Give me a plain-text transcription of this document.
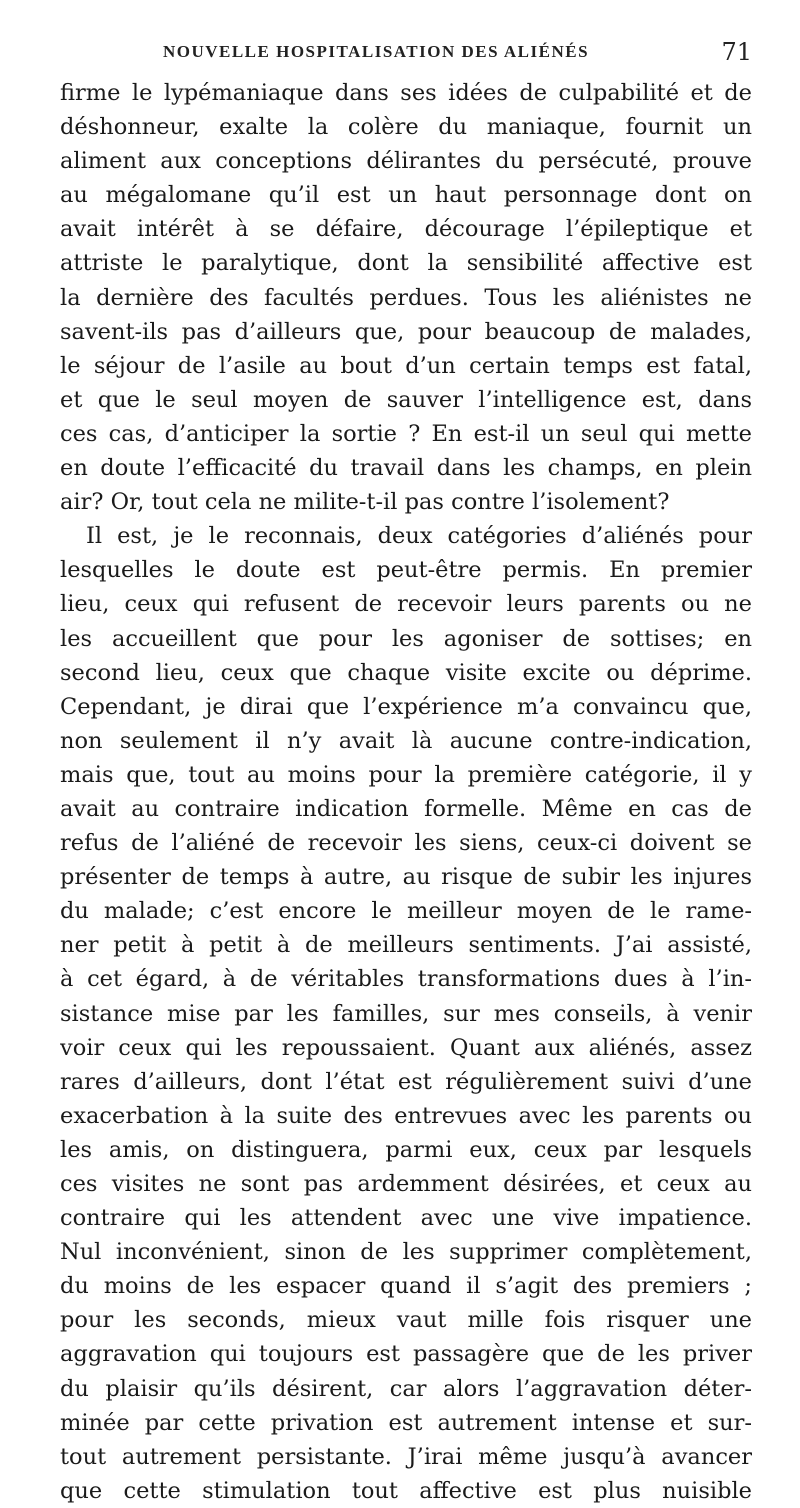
NOUVELLE HOSPITALISATION DES ALIÉNÉS	71
firme le lypémaniaque dans ses idées de culpabilité et de
déshonneur, exalte la colère du maniaque, fournit un
aliment aux conceptions délirantes du persécuté, prouve
au mégalomane qu’il est un haut personnage dont on
avait intérêt à se défaire, décourage l’épileptique et
attriste le paralytique, dont la sensibilité affective est
la dernière des facultés perdues. Tous les aliénistes ne
savent-ils pas d’ailleurs que, pour beaucoup de malades,
le séjour de l’asile au bout d’un certain temps est fatal,
et que le seul moyen de sauver l’intelligence est, dans
ces cas, d’anticiper la sortie ? En est-il un seul qui mette
en doute l’efficacité du travail dans les champs, en plein
air? Or, tout cela ne milite-t-il pas contre l’isolement?
Il est, je le reconnais, deux catégories d’aliénés pour
lesquelles le doute est peut-être permis. En premier
lieu, ceux qui refusent de recevoir leurs parents ou ne
les accueillent que pour les agoniser de sottises; en
second lieu, ceux que chaque visite excite ou déprime.
Cependant, je dirai que l’expérience m’a convaincu que,
non seulement il n’y avait là aucune contre-indication,
mais que, tout au moins pour la première catégorie, il y
avait au contraire indication formelle. Même en cas de
refus de l’aliéné de recevoir les siens, ceux-ci doivent se
présenter de temps à autre, au risque de subir les injures
du malade; c’est encore le meilleur moyen de le rame-
ner petit à petit à de meilleurs sentiments. J’ai assisté,
à cet égard, à de véritables transformations dues à l’in-
sistance mise par les familles, sur mes conseils, à venir
voir ceux qui les repoussaient. Quant aux aliénés, assez
rares d’ailleurs, dont l’état est régulièrement suivi d’une
exacerbation à la suite des entrevues avec les parents ou
les amis, on distinguera, parmi eux, ceux par lesquels
ces visites ne sont pas ardemment désirées, et ceux au
contraire qui les attendent avec une vive impatience.
Nul inconvénient, sinon de les supprimer complètement,
du moins de les espacer quand il s’agit des premiers ;
pour les seconds, mieux vaut mille fois risquer une
aggravation qui toujours est passagère que de les priver
du plaisir qu’ils désirent, car alors l’aggravation déter-
minée par cette privation est autrement intense et sur-
tout autrement persistante. J’irai même jusqu’à avancer
que cette stimulation tout affective est plus nuisible
